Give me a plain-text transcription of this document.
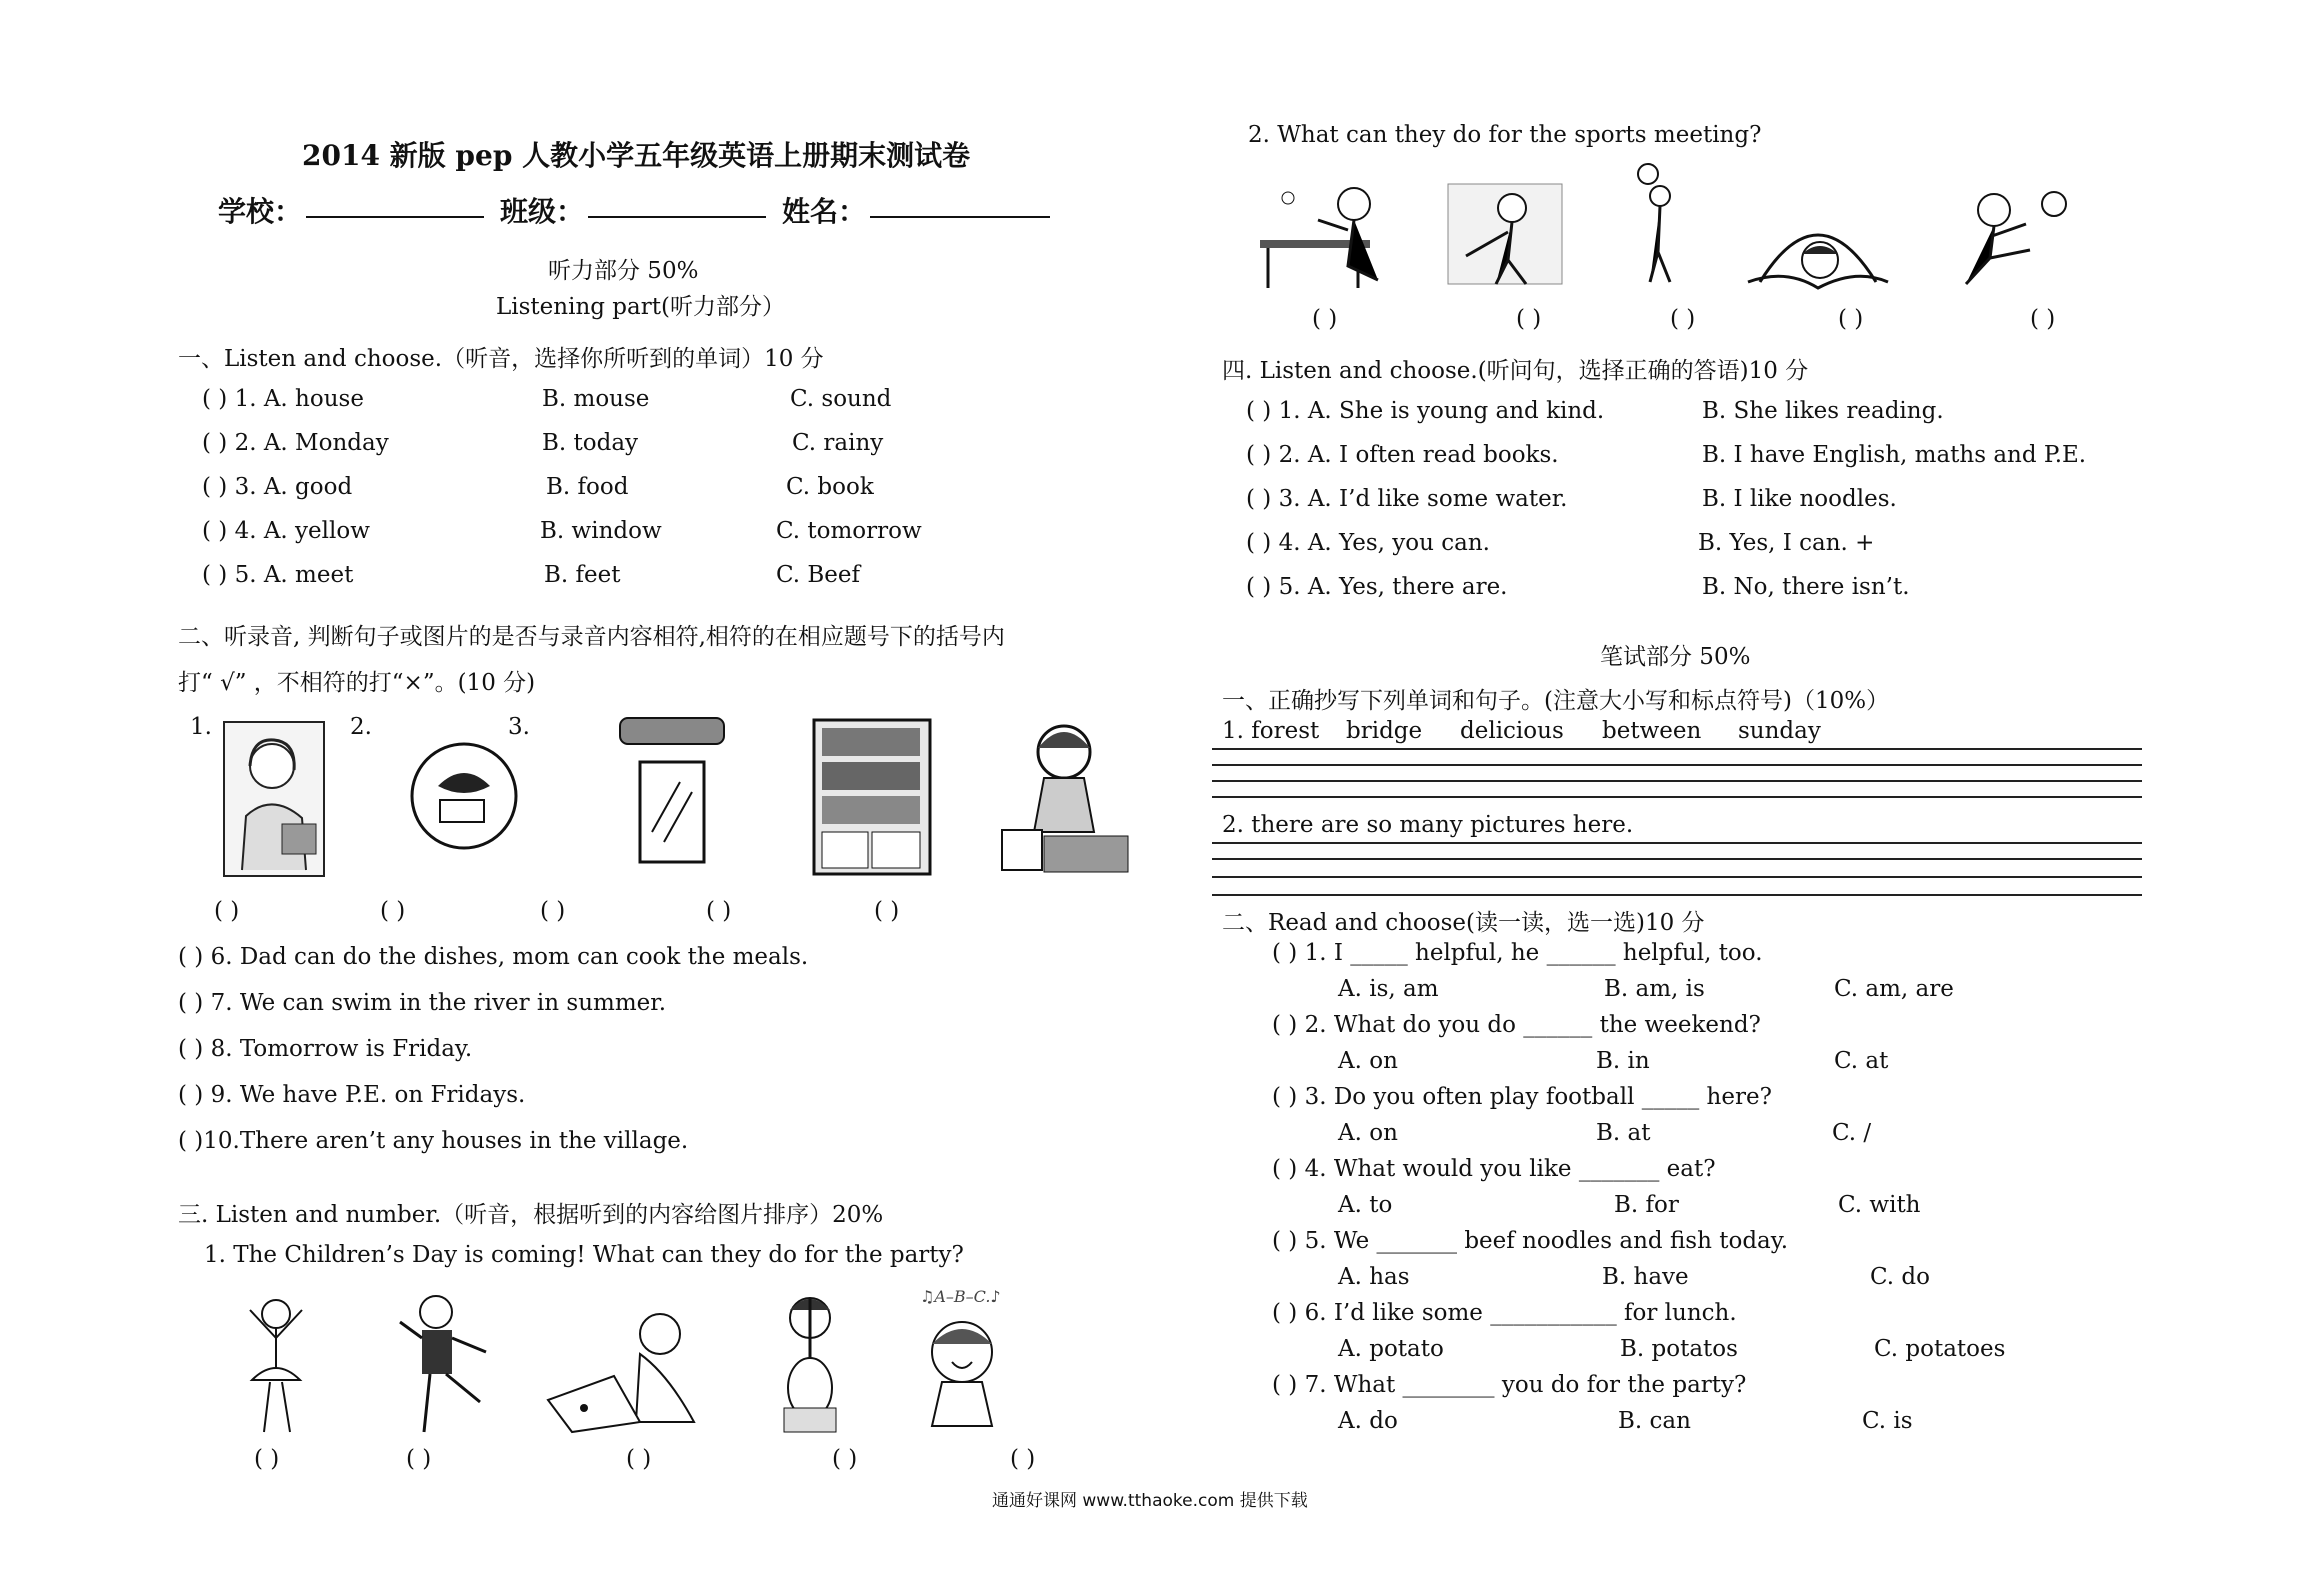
2014 新版 pep 人教小学五年级英语上册期末测试卷
学校：	班级：	姓名：
听力部分 50%
Listening part(听力部分）
一、Listen and choose.（听音，选择你所听到的单词）10 分
( ) 1. A. house	B. mouse	C. sound
( ) 2. A. Monday	B. today	C. rainy
( ) 3. A. good	B. food	C. book
( ) 4. A. yellow	B. window	C. tomorrow
( ) 5. A. meet	B. feet	C. Beef
二、听录音, 判断句子或图片的是否与录音内容相符,相符的在相应题号下的括号内
打“ √” ，不相符的打“×”。(10 分)
1.	2.	3.
( )	( )	( )	( )	( )
( ) 6. Dad can do the dishes, mom can cook the meals.
( ) 7. We can swim in the river in summer.
( ) 8. Tomorrow is Friday.
( ) 9. We have P.E. on Fridays.
( )10.There aren’t any houses in the village.
三. Listen and number.（听音，根据听到的内容给图片排序）20%
1. The Children’s Day is coming! What can they do for the party?
♫A–B–C.♪
( )	( )	( )	( )	( )
2. What can they do for the sports meeting?
( )	( )	( )	( )	( )
四. Listen and choose.(听问句，选择正确的答语)10 分
( ) 1. A. She is young and kind.	B. She likes reading.
( ) 2. A. I often read books.	B. I have English, maths and P.E.
( ) 3. A. I’d like some water.	B. I like noodles.
( ) 4. A. Yes, you can.	B. Yes, I can. +
( ) 5. A. Yes, there are.	B. No, there isn’t.
笔试部分 50%
一、正确抄写下列单词和句子。(注意大小写和标点符号)（10%）
1. forest bridge delicious between sunday
2. there are so many pictures here.
二、Read and choose(读一读，选一选)10 分
( ) 1. I _____ helpful, he ______ helpful, too.
A. is, am	B. am, is	C. am, are
( ) 2. What do you do ______ the weekend?
A. on	B. in	C. at
( ) 3. Do you often play football _____ here?
A. on	B. at	C. /
( ) 4. What would you like _______ eat?
A. to	B. for	C. with
( ) 5. We _______ beef noodles and fish today.
A. has	B. have	C. do
( ) 6. I’d like some ___________ for lunch.
A. potato	B. potatos	C. potatoes
( ) 7. What ________ you do for the party?
A. do	B. can	C. is
通通好课网 www.tthaoke.com 提供下载
